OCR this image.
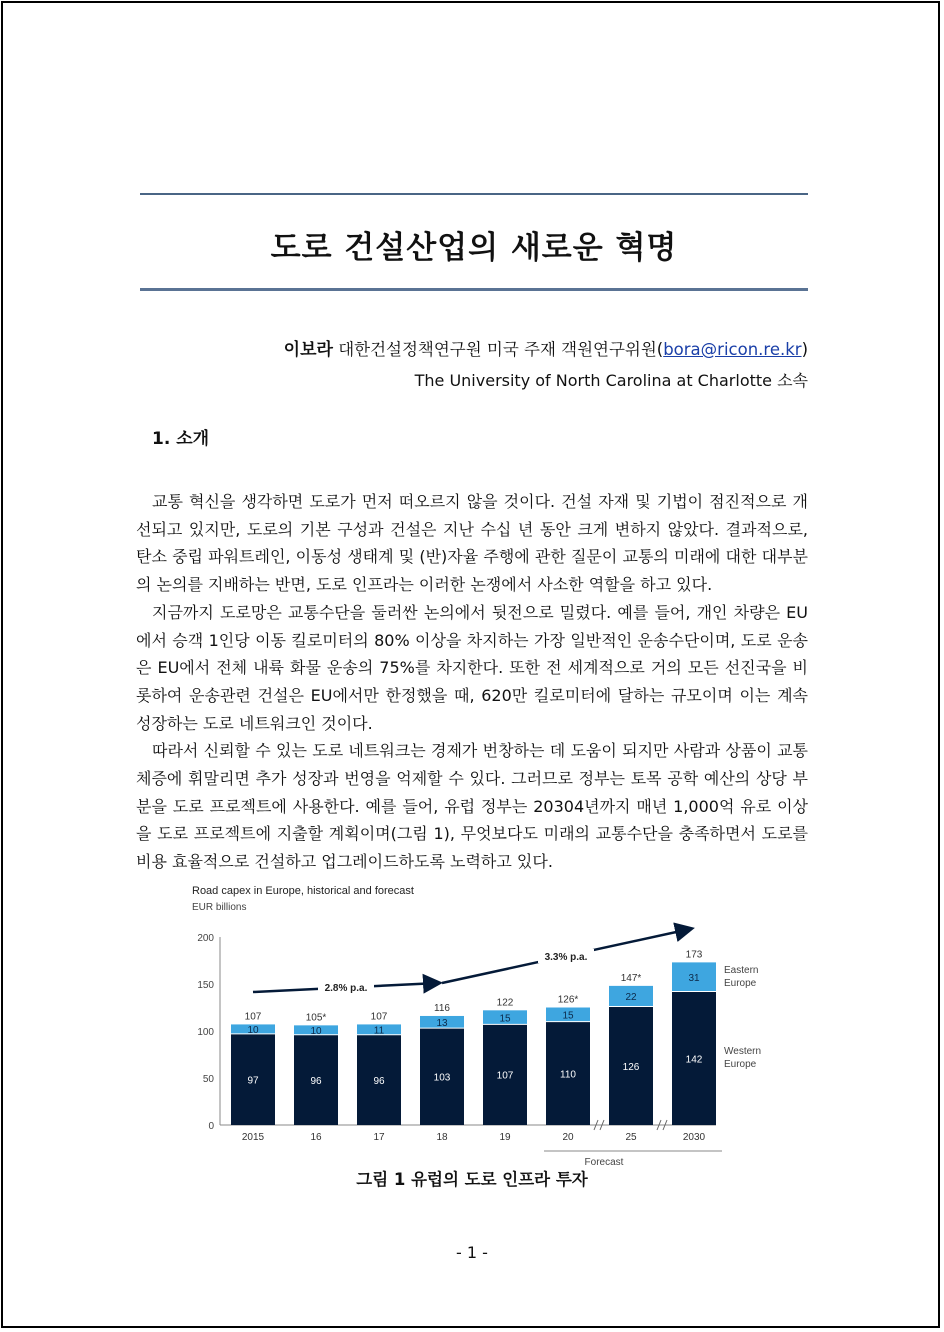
도로 건설산업의 새로운 혁명
이보라 대한건설정책연구원 미국 주재 객원연구위원(bora@ricon.re.kr)
The University of North Carolina at Charlotte 소속
1. 소개

교통 혁신을 생각하면 도로가 먼저 떠오르지 않을 것이다. 건설 자재 및 기법이 점진적으로 개선되고 있지만, 도로의 기본 구성과 건설은 지난 수십 년 동안 크게 변하지 않았다. 결과적으로, 탄소 중립 파워트레인, 이동성 생태계 및 (반)자율 주행에 관한 질문이 교통의 미래에 대한 대부분의 논의를 지배하는 반면, 도로 인프라는 이러한 논쟁에서 사소한 역할을 하고 있다.

지금까지 도로망은 교통수단을 둘러싼 논의에서 뒷전으로 밀렸다. 예를 들어, 개인 차량은 EU에서 승객 1인당 이동 킬로미터의 80% 이상을 차지하는 가장 일반적인 운송수단이며, 도로 운송은 EU에서 전체 내륙 화물 운송의 75%를 차지한다. 또한 전 세계적으로 거의 모든 선진국을 비롯하여 운송관련 건설은 EU에서만 한정했을 때, 620만 킬로미터에 달하는 규모이며 이는 계속 성장하는 도로 네트워크인 것이다.

따라서 신뢰할 수 있는 도로 네트워크는 경제가 번창하는 데 도움이 되지만 사람과 상품이 교통 체증에 휘말리면 추가 성장과 번영을 억제할 수 있다. 그러므로 정부는 토목 공학 예산의 상당 부분을 도로 프로젝트에 사용한다. 예를 들어, 유럽 정부는 20304년까지 매년 1,000억 유로 이상을 도로 프로젝트에 지출할 계획이며(그림 1), 무엇보다도 미래의 교통수단을 충족하면서 도로를 비용 효율적으로 건설하고 업그레이드하도록 노력하고 있다.

Road capex in Europe, historical and forecast
EUR billions
0
50
100
150
200
97
10
107
2015
96
10
105*
16
96
11
107
17
103
13
116
18
107
15
122
19
110
15
126*
20
126
22
147*
25
142
31
173
2030
Forecast
2.8% p.a.
3.3% p.a.
Eastern
Europe
Western
Europe
그림 1 유럽의 도로 인프라 투자
- 1 -
